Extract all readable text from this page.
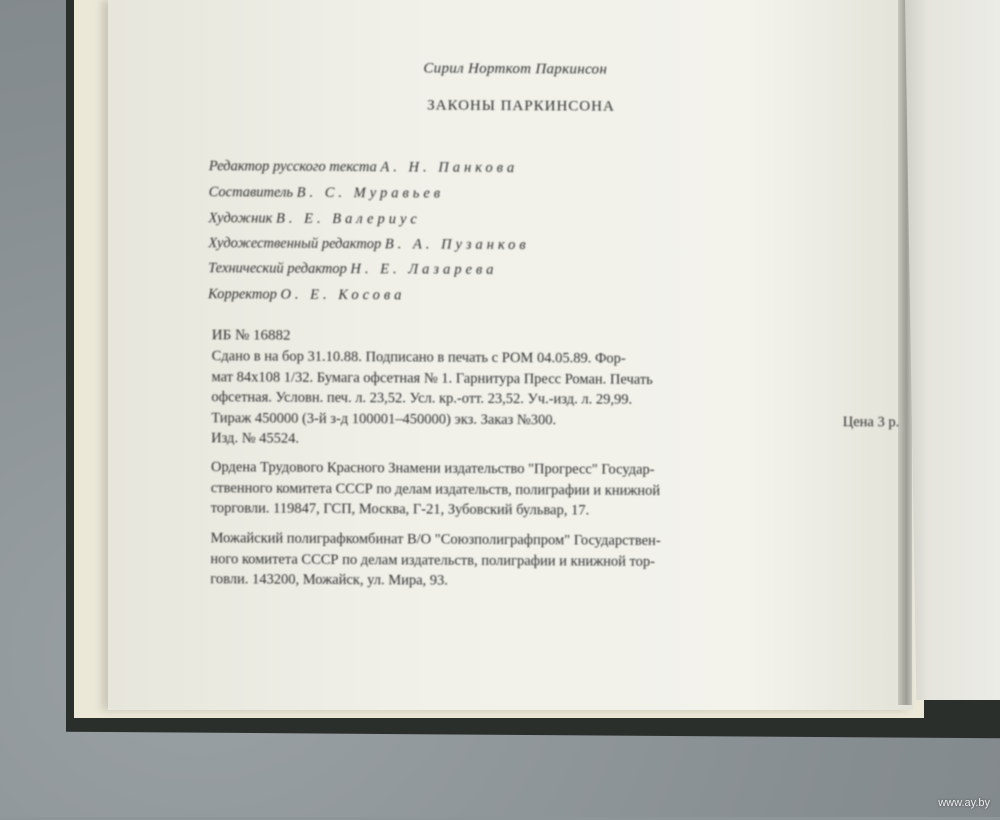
Сирил Норткот Паркинсон
ЗАКОНЫ ПАРКИНСОНА
Редактор русского текста А. Н. Панкова
Составитель В. С. Муравьев
Художник В. Е. Валериус
Художественный редактор В. А. Пузанков
Технический редактор Н. Е. Лазарева
Корректор О. Е. Косова
ИБ № 16882
Сдано в на бор 31.10.88. Подписано в печать с РОМ 04.05.89. Фор-
мат 84x108 1/32. Бумага офсетная № 1. Гарнитура Пресс Роман. Печать
офсетная. Условн. печ. л. 23,52. Усл. кр.-отт. 23,52. Уч.-изд. л. 29,99.
Тираж 450000 (3-й з-д 100001–450000) экз. Заказ №300.	Цена 3 р.
Изд. № 45524.
Ордена Трудового Красного Знамени издательство "Прогресс" Государ-
ственного комитета СССР по делам издательств, полиграфии и книжной
торговли. 119847, ГСП, Москва, Г-21, Зубовский бульвар, 17.
Можайский полиграфкомбинат В/О "Союзполиграфпром" Государствен-
ного комитета СССР по делам издательств, полиграфии и книжной тор-
говли. 143200, Можайск, ул. Мира, 93.
www.ay.by
